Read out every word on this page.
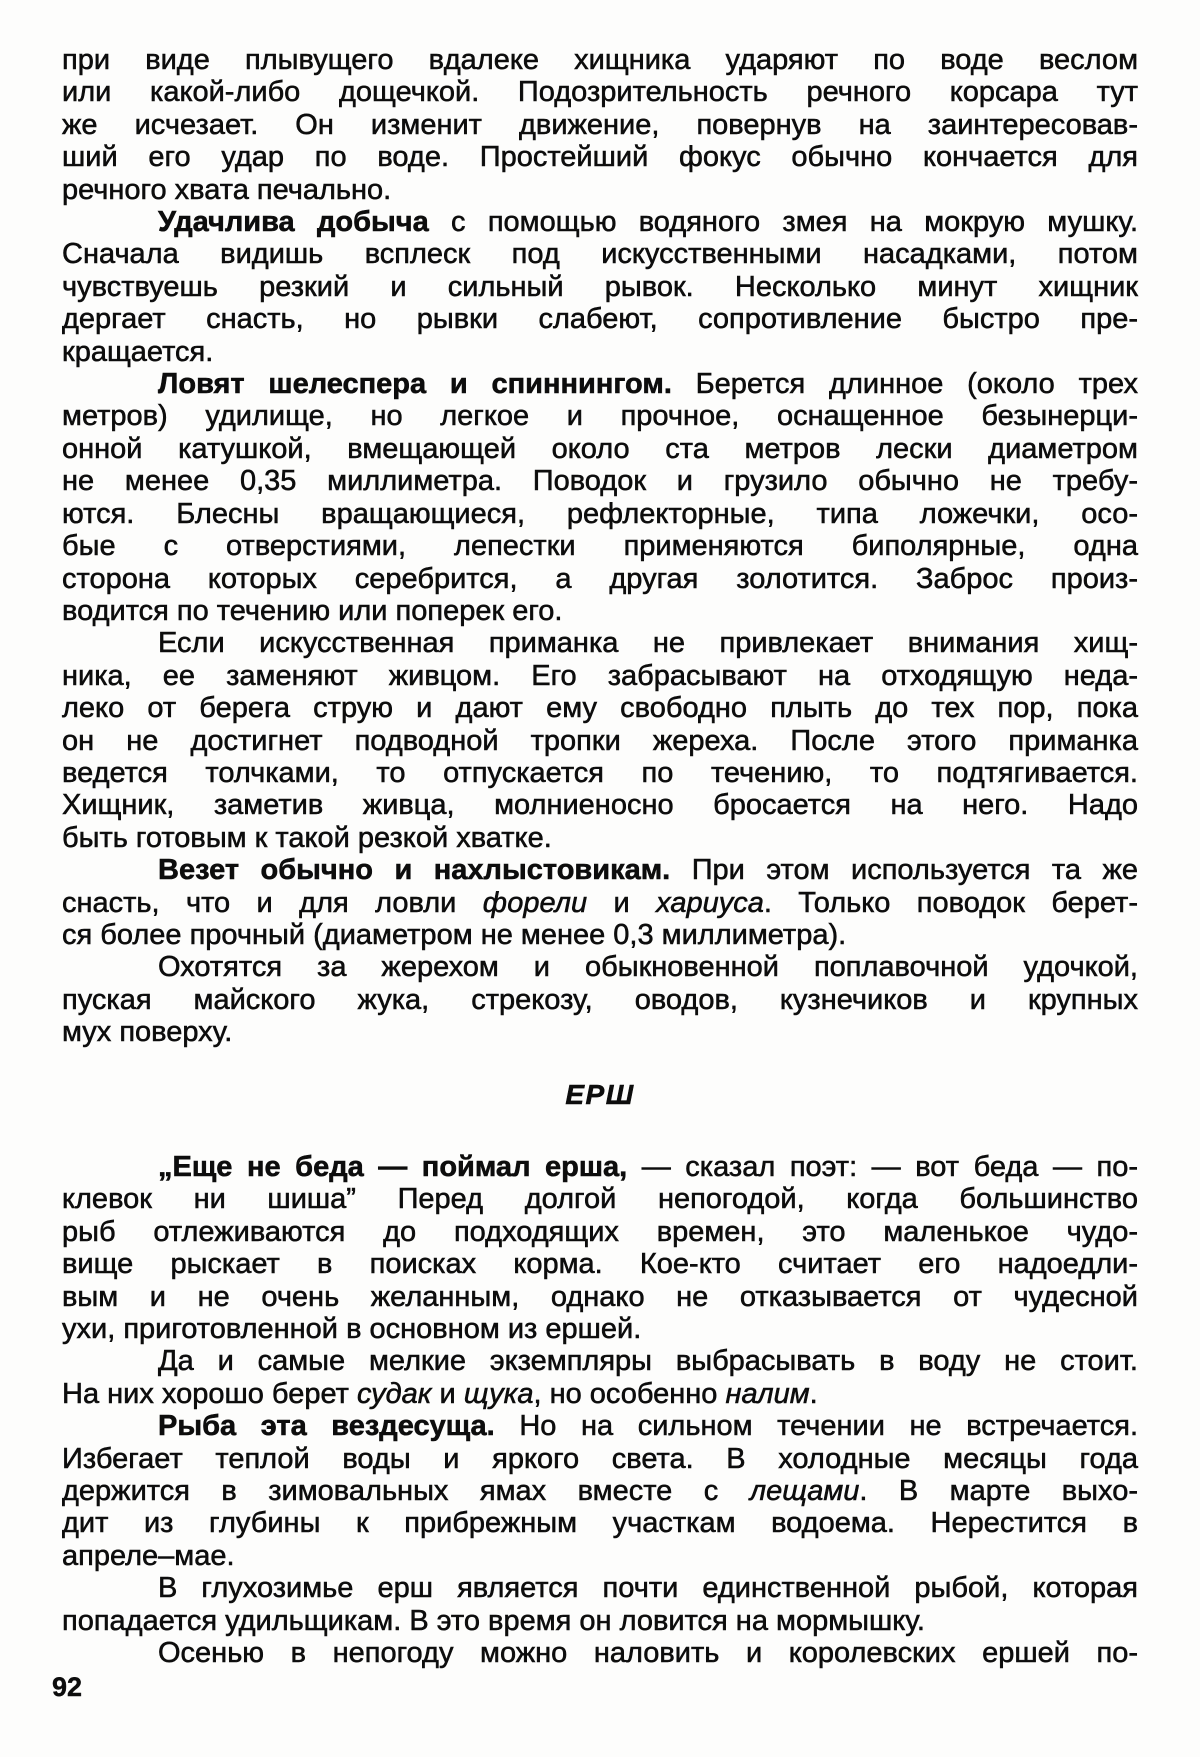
при виде плывущего вдалеке хищника ударяют по воде веслом
или какой-либо дощечкой. Подозрительность речного корсара тут
же исчезает. Он изменит движение, повернув на заинтересовав-
ший его удар по воде. Простейший фокус обычно кончается для
речного хвата печально.
Удачлива добыча с помощью водяного змея на мокрую мушку.
Сначала видишь всплеск под искусственными насадками, потом
чувствуешь резкий и сильный рывок. Несколько минут хищник
дергает снасть, но рывки слабеют, сопротивление быстро пре-
кращается.
Ловят шелеспера и спиннингом. Берется длинное (около трех
метров) удилище, но легкое и прочное, оснащенное безынерци-
онной катушкой, вмещающей около ста метров лески диаметром
не менее 0,35 миллиметра. Поводок и грузило обычно не требу-
ются. Блесны вращающиеся, рефлекторные, типа ложечки, осо-
бые с отверстиями, лепестки применяются биполярные, одна
сторона которых серебрится, а другая золотится. Заброс произ-
водится по течению или поперек его.
Если искусственная приманка не привлекает внимания хищ-
ника, ее заменяют живцом. Его забрасывают на отходящую неда-
леко от берега струю и дают ему свободно плыть до тех пор, пока
он не достигнет подводной тропки жереха. После этого приманка
ведется толчками, то отпускается по течению, то подтягивается.
Хищник, заметив живца, молниеносно бросается на него. Надо
быть готовым к такой резкой хватке.
Везет обычно и нахлыстовикам. При этом используется та же
снасть, что и для ловли форели и хариуса. Только поводок берет-
ся более прочный (диаметром не менее 0,3 миллиметра).
Охотятся за жерехом и обыкновенной поплавочной удочкой,
пуская майского жука, стрекозу, оводов, кузнечиков и крупных
мух поверху.
ЕРШ
„Еще не беда — поймал ерша, — сказал поэт: — вот беда — по-
клевок ни шиша” Перед долгой непогодой, когда большинство
рыб отлеживаются до подходящих времен, это маленькое чудо-
вище рыскает в поисках корма. Кое-кто считает его надоедли-
вым и не очень желанным, однако не отказывается от чудесной
ухи, приготовленной в основном из ершей.
Да и самые мелкие экземпляры выбрасывать в воду не стоит.
На них хорошо берет судак и щука, но особенно налим.
Рыба эта вездесуща. Но на сильном течении не встречается.
Избегает теплой воды и яркого света. В холодные месяцы года
держится в зимовальных ямах вместе с лещами. В марте выхо-
дит из глубины к прибрежным участкам водоема. Нерестится в
апреле–мае.
В глухозимье ерш является почти единственной рыбой, которая
попадается удильщикам. В это время он ловится на мормышку.
Осенью в непогоду можно наловить и королевских ершей по-
92
